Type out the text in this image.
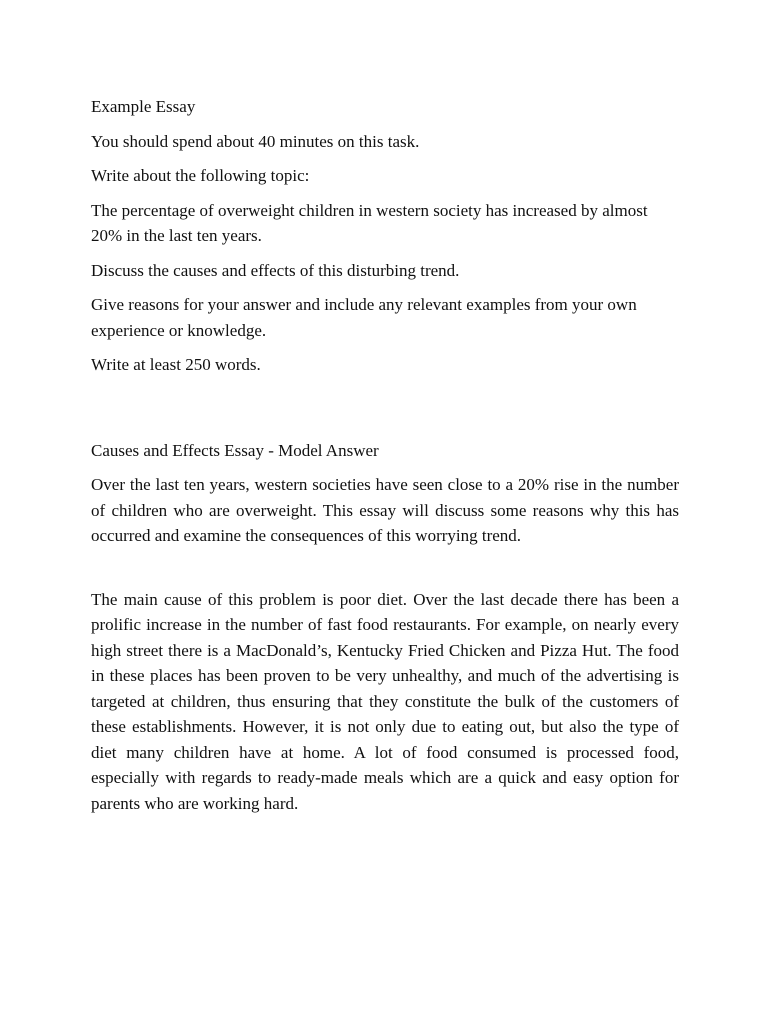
Example Essay

You should spend about 40 minutes on this task.

Write about the following topic:

The percentage of overweight children in western society has increased by almost 20% in the last ten years.

Discuss the causes and effects of this disturbing trend.

Give reasons for your answer and include any relevant examples from your own experience or knowledge.

Write at least 250 words.

Causes and Effects Essay - Model Answer

Over the last ten years, western societies have seen close to a 20% rise in the number of children who are overweight. This essay will discuss some reasons why this has occurred and examine the consequences of this worrying trend.

The main cause of this problem is poor diet. Over the last decade there has been a prolific increase in the number of fast food restaurants. For example, on nearly every high street there is a MacDonald’s, Kentucky Fried Chicken and Pizza Hut. The food in these places has been proven to be very unhealthy, and much of the advertising is targeted at children, thus ensuring that they constitute the bulk of the customers of these establishments. However, it is not only due to eating out, but also the type of diet many children have at home. A lot of food consumed is processed food, especially with regards to ready-made meals which are a quick and easy option for parents who are working hard.
